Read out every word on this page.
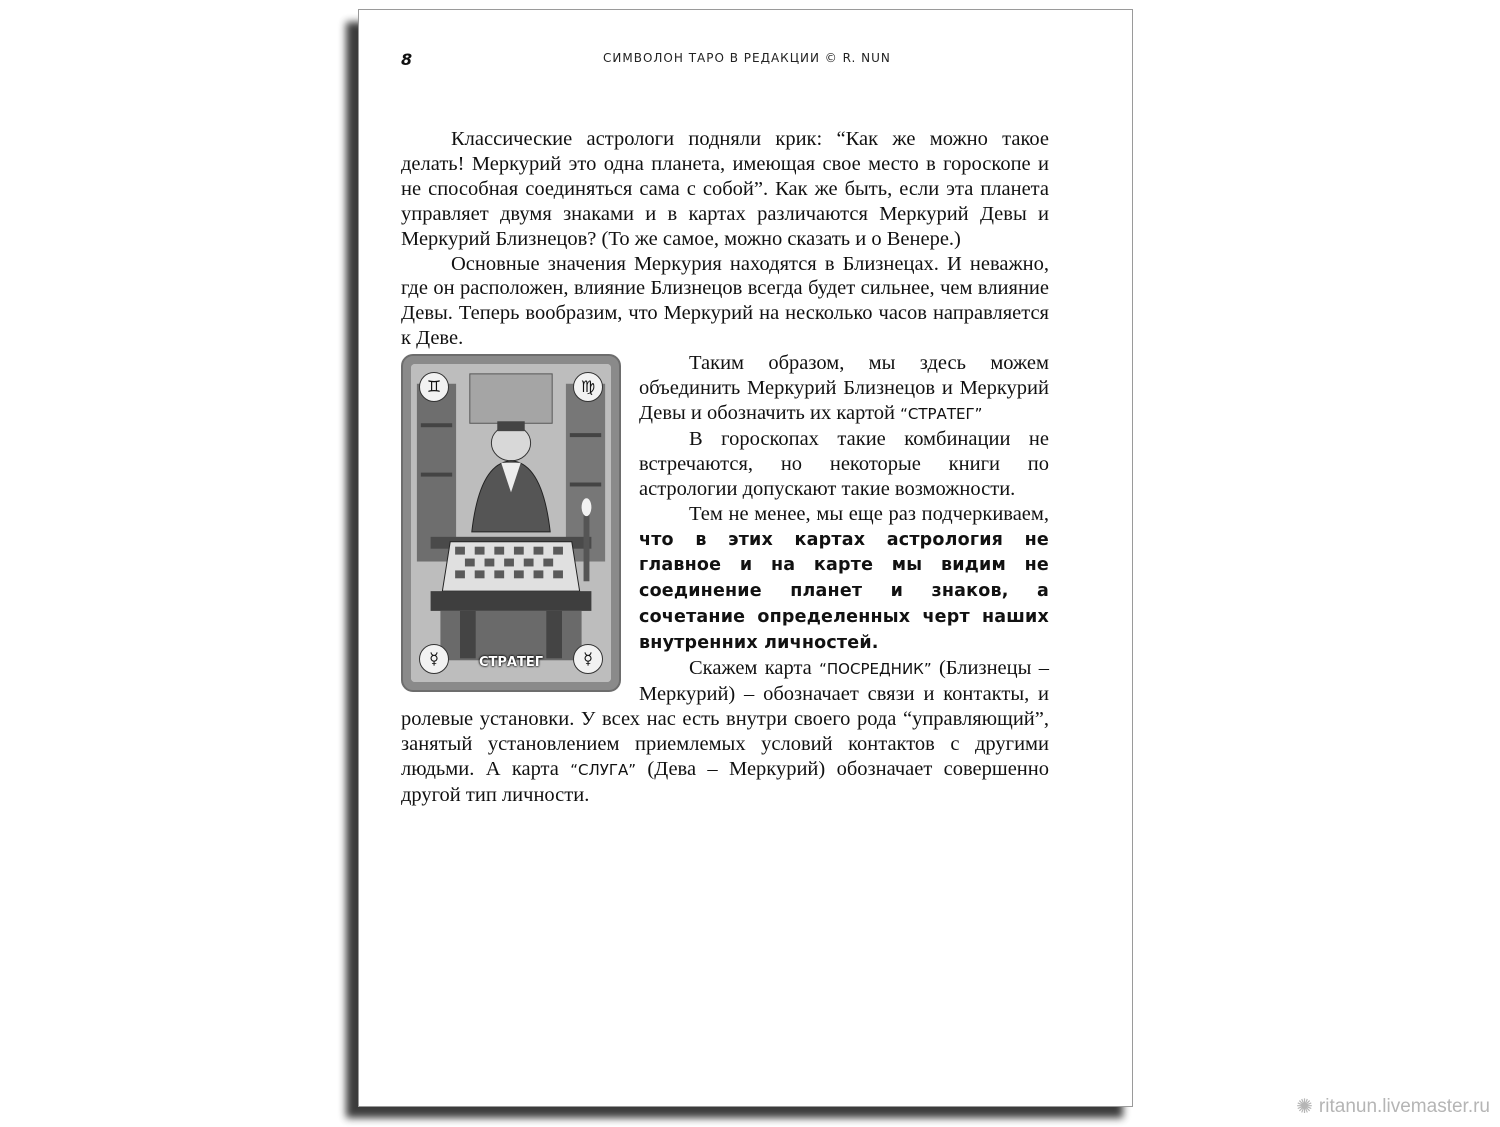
8	СИМВОЛОН ТАРО В РЕДАКЦИИ © R. NUN

Классические астрологи подняли крик: “Как же можно такое делать! Меркурий это одна планета, имеющая свое место в гороскопе и не способная соединяться сама с собой”. Как же быть, если эта планета управляет двумя знаками и в картах различаются Меркурий Девы и Меркурий Близнецов? (То же самое, можно сказать и о Венере.)

Основные значения Меркурия находятся в Близнецах. И неважно, где он расположен, влияние Близнецов всегда будет сильнее, чем влияние Девы. Теперь вообразим, что Меркурий на несколько часов направляется к Деве.

♊	♍
☿	☿
СТРАТЕГ

Таким образом, мы здесь можем объединить Меркурий Близнецов и Меркурий Девы и обозначить их картой “СТРАТЕГ”

В гороскопах такие комбинации не встречаются, но некоторые книги по астрологии допускают такие возможности.

Тем не менее, мы еще раз подчеркиваем, что в этих картах астрология не главное и на карте мы видим не соединение планет и знаков, а сочетание определенных черт наших внутренних личностей.

Скажем карта “ПОСРЕДНИК” (Близнецы – Меркурий) – обозначает связи и контакты, и ролевые установки. У всех нас есть внутри своего рода “управляющий”, занятый установлением приемлемых условий контактов с другими людьми. А карта “СЛУГА” (Дева – Меркурий) обозначает совершенно другой тип личности.

✺ ritanun.livemaster.ru
